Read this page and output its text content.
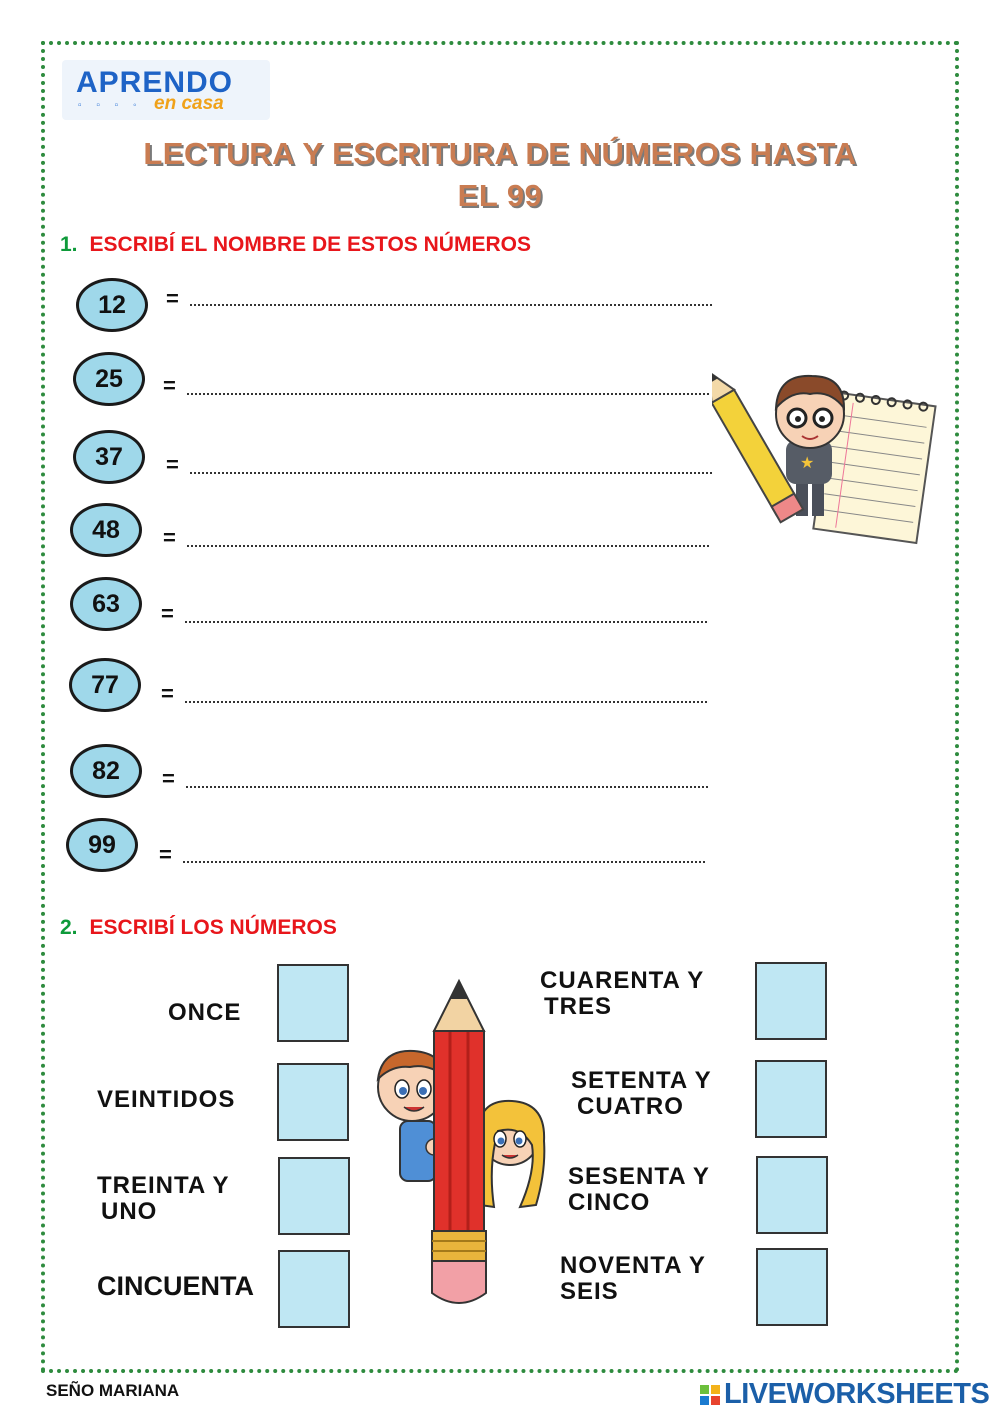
APRENDO
▫ ▫ ▫ ◦ en casa
LECTURA Y ESCRITURA DE NÚMEROS HASTA
EL 99
1. ESCRIBÍ EL NOMBRE DE ESTOS NÚMEROS
12	=
25	=
37	=
48	=
63	=
77	=
82	=
99	=
★
2. ESCRIBÍ LOS NÚMEROS
ONCE
VEINTIDOS
TREINTA Y
UNO
CINCUENTA
CUARENTA Y
TRES
SETENTA Y
CUATRO
SESENTA Y
CINCO
NOVENTA Y
SEIS
SEÑO MARIANA	LIVEWORKSHEETS
